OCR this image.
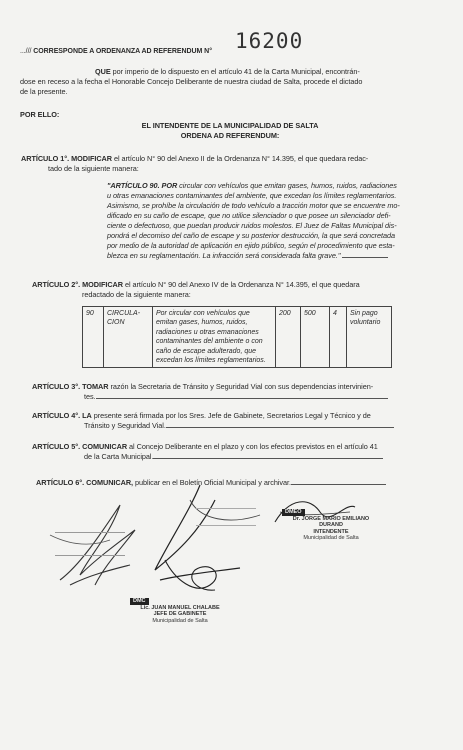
.../// CORRESPONDE A ORDENANZA AD REFERENDUM N° 16200
QUE por imperio de lo dispuesto en el artículo 41 de la Carta Municipal, encontrán-
dose en receso a la fecha el Honorable Concejo Deliberante de nuestra ciudad de Salta, procede el dictado
de la presente.
POR ELLO:
EL INTENDENTE DE LA MUNICIPALIDAD DE SALTA
ORDENA AD REFERENDUM:
ARTÍCULO 1°. MODIFICAR el artículo N° 90 del Anexo II de la Ordenanza N° 14.395, el que quedara redac-
tado de la siguiente manera:
"ARTÍCULO 90. POR circular con vehículos que emitan gases, humos, ruidos, radiaciones
u otras emanaciones contaminantes del ambiente, que excedan los límites reglamentarios.
Asimismo, se prohíbe la circulación de todo vehículo a tracción motor que se encuentre mo-
dificado en su caño de escape, que no utilice silenciador o que posee un silenciador defi-
ciente o defectuoso, que puedan producir ruidos molestos. El Juez de Faltas Municipal dis-
pondrá el decomiso del caño de escape y su posterior destrucción, la que será concretada
por medio de la autoridad de aplicación en ejido público, según el procedimiento que esta-
blezca en su reglamentación. La infracción será considerada falta grave."
ARTÍCULO 2°. MODIFICAR el artículo N° 90 del Anexo IV de la Ordenanza N° 14.395, el que quedara
redactado de la siguiente manera:
90	CIRCULA-CION	Por circular con vehículos que emitan gases, humos, ruidos, radiaciones u otras emanaciones contaminantes del ambiente o con caño de escape adulterado, que excedan los límites reglamentarios.	200	500	4	Sin pago voluntario
ARTÍCULO 3°. TOMAR razón la Secretaria de Tránsito y Seguridad Vial con sus dependencias intervinien-
tes.
ARTÍCULO 4°. LA presente será firmada por los Sres. Jefe de Gabinete, Secretarios Legal y Técnico y de
Tránsito y Seguridad Vial.
ARTÍCULO 5°. COMUNICAR al Concejo Deliberante en el plazo y con los efectos previstos en el artículo 41
de la Carta Municipal.
ARTÍCULO 6°. COMUNICAR, publicar en el Boletín Oficial Municipal y archivar.
DMEO
Dr. JORGE MARIO EMILIANO DURAND
INTENDENTE
Municipalidad de Salta
DMC
Lic. JUAN MANUEL CHALABE
JEFE DE GABINETE
Municipalidad de Salta
